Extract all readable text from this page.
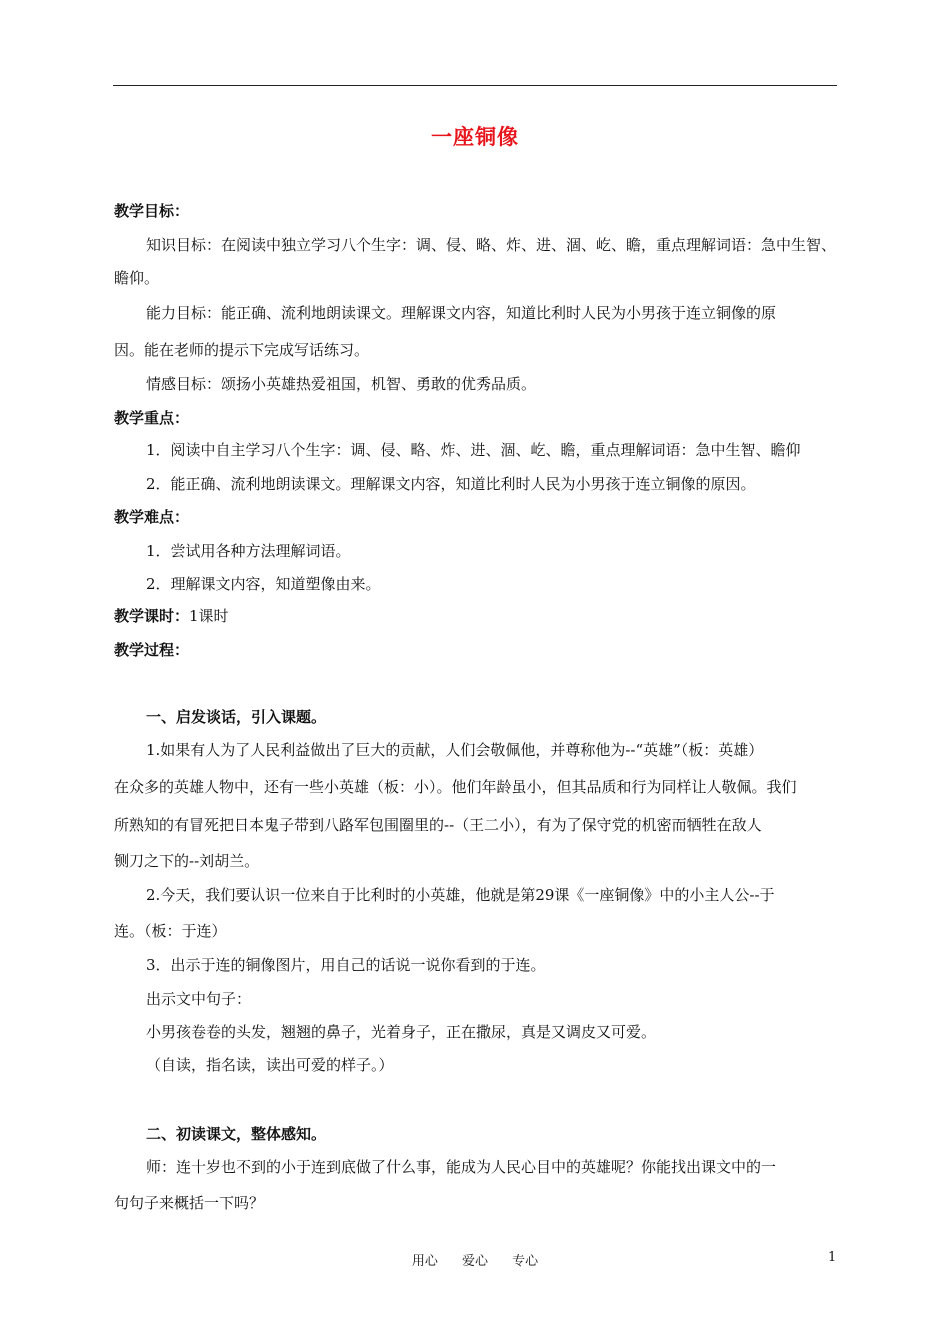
一座铜像
教学目标：
知识目标：在阅读中独立学习八个生字：调、侵、略、炸、进、涸、屹、瞻，重点理解词语：急中生智、
瞻仰。
能力目标：能正确、流利地朗读课文。理解课文内容，知道比利时人民为小男孩于连立铜像的原
因。能在老师的提示下完成写话练习。
情感目标：颂扬小英雄热爱祖国，机智、勇敢的优秀品质。
教学重点：
1．阅读中自主学习八个生字：调、侵、略、炸、进、涸、屹、瞻，重点理解词语：急中生智、瞻仰
2．能正确、流利地朗读课文。理解课文内容，知道比利时人民为小男孩于连立铜像的原因。
教学难点：
1．尝试用各种方法理解词语。
2．理解课文内容，知道塑像由来。
教学课时：1课时
教学过程：
一、启发谈话，引入课题。
1.如果有人为了人民利益做出了巨大的贡献，人们会敬佩他，并尊称他为--“英雄”（板：英雄）
在众多的英雄人物中，还有一些小英雄（板：小）。他们年龄虽小，但其品质和行为同样让人敬佩。我们
所熟知的有冒死把日本鬼子带到八路军包围圈里的--（王二小），有为了保守党的机密而牺牲在敌人
铡刀之下的--刘胡兰。
2.今天，我们要认识一位来自于比利时的小英雄，他就是第29课《一座铜像》中的小主人公--于
连。（板：于连）
3．出示于连的铜像图片，用自己的话说一说你看到的于连。
出示文中句子：
小男孩卷卷的头发，翘翘的鼻子，光着身子，正在撒尿，真是又调皮又可爱。
（自读，指名读，读出可爱的样子。）
二、初读课文，整体感知。
师：连十岁也不到的小于连到底做了什么事，能成为人民心目中的英雄呢？你能找出课文中的一
句句子来概括一下吗？
用心 爱心 专心	1
